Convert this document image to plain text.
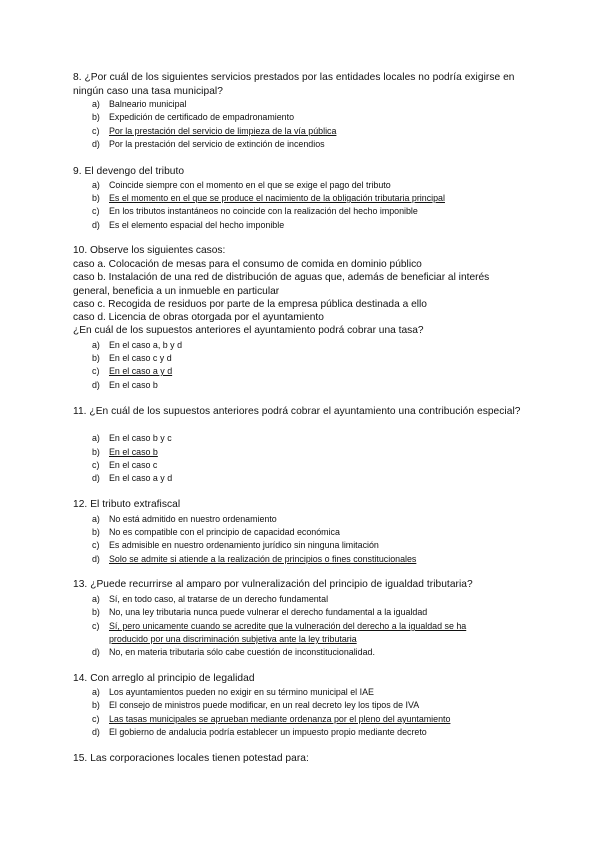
8. ¿Por cuál de los siguientes servicios prestados por las entidades locales no podría exigirse en ningún caso una tasa municipal?
a) Balneario municipal
b) Expedición de certificado de empadronamiento
c) Por la prestación del servicio de limpieza de la vía pública
d) Por la prestación del servicio de extinción de incendios
9. El devengo del tributo
a) Coincide siempre con el momento en el que se exige el pago del tributo
b) Es el momento en el que se produce el nacimiento de la obligación tributaria principal
c) En los tributos instantáneos no coincide con la realización del hecho imponible
d) Es el elemento espacial del hecho imponible
10. Observe los siguientes casos:
caso a. Colocación de mesas para el consumo de comida en dominio público
caso b. Instalación de una red de distribución de aguas que, además de beneficiar al interés
general, beneficia a un inmueble en particular
caso c. Recogida de residuos por parte de la empresa pública destinada a ello
caso d. Licencia de obras otorgada por el ayuntamiento
¿En cuál de los supuestos anteriores el ayuntamiento podrá cobrar una tasa?
a) En el caso a, b y d
b) En el caso c y d
c) En el caso a y d
d) En el caso b
11. ¿En cuál de los supuestos anteriores podrá cobrar el ayuntamiento una contribución especial?
a) En el caso b y c
b) En el caso b
c) En el caso c
d) En el caso a y d
12. El tributo extrafiscal
a) No está admitido en nuestro ordenamiento
b) No es compatible con el principio de capacidad económica
c) Es admisible en nuestro ordenamiento jurídico sin ninguna limitación
d) Solo se admite si atiende a la realización de principios o fines constitucionales
13. ¿Puede recurrirse al amparo por vulneralización del principio de igualdad tributaria?
a) Sí, en todo caso, al tratarse de un derecho fundamental
b) No, una ley tributaria nunca puede vulnerar el derecho fundamental a la igualdad
c) Sí, pero unicamente cuando se acredite que la vulneración del derecho a la igualdad se ha
producido por una discriminación subjetiva ante la ley tributaria
d) No, en materia tributaria sólo cabe cuestión de inconstitucionalidad.
14. Con arreglo al principio de legalidad
a) Los ayuntamientos pueden no exigir en su término municipal el IAE
b) El consejo de ministros puede modificar, en un real decreto ley los tipos de IVA
c) Las tasas municipales se aprueban mediante ordenanza por el pleno del ayuntamiento
d) El gobierno de andalucia podría establecer un impuesto propio mediante decreto
15. Las corporaciones locales tienen potestad para:
